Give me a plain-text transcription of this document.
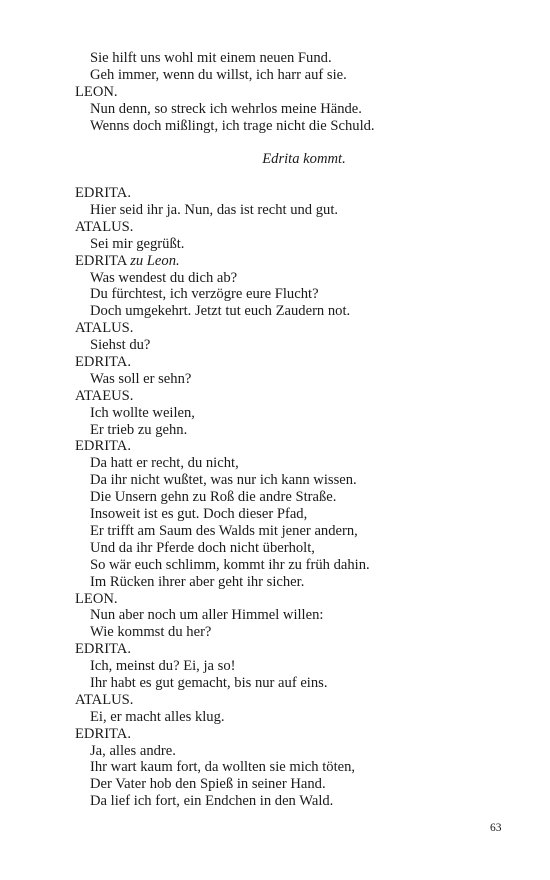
Sie hilft uns wohl mit einem neuen Fund.
Geh immer, wenn du willst, ich harr auf sie.
LEON.
Nun denn, so streck ich wehrlos meine Hände.
Wenns doch mißlingt, ich trage nicht die Schuld.
Edrita kommt.
EDRITA.
Hier seid ihr ja. Nun, das ist recht und gut.
ATALUS.
Sei mir gegrüßt.
EDRITA zu Leon.
Was wendest du dich ab?
Du fürchtest, ich verzögre eure Flucht?
Doch umgekehrt. Jetzt tut euch Zaudern not.
ATALUS.
Siehst du?
EDRITA.
Was soll er sehn?
ATAEUS.
Ich wollte weilen,
Er trieb zu gehn.
EDRITA.
Da hatt er recht, du nicht,
Da ihr nicht wußtet, was nur ich kann wissen.
Die Unsern gehn zu Roß die andre Straße.
Insoweit ist es gut. Doch dieser Pfad,
Er trifft am Saum des Walds mit jener andern,
Und da ihr Pferde doch nicht überholt,
So wär euch schlimm, kommt ihr zu früh dahin.
Im Rücken ihrer aber geht ihr sicher.
LEON.
Nun aber noch um aller Himmel willen:
Wie kommst du her?
EDRITA.
Ich, meinst du? Ei, ja so!
Ihr habt es gut gemacht, bis nur auf eins.
ATALUS.
Ei, er macht alles klug.
EDRITA.
Ja, alles andre.
Ihr wart kaum fort, da wollten sie mich töten,
Der Vater hob den Spieß in seiner Hand.
Da lief ich fort, ein Endchen in den Wald.
63
